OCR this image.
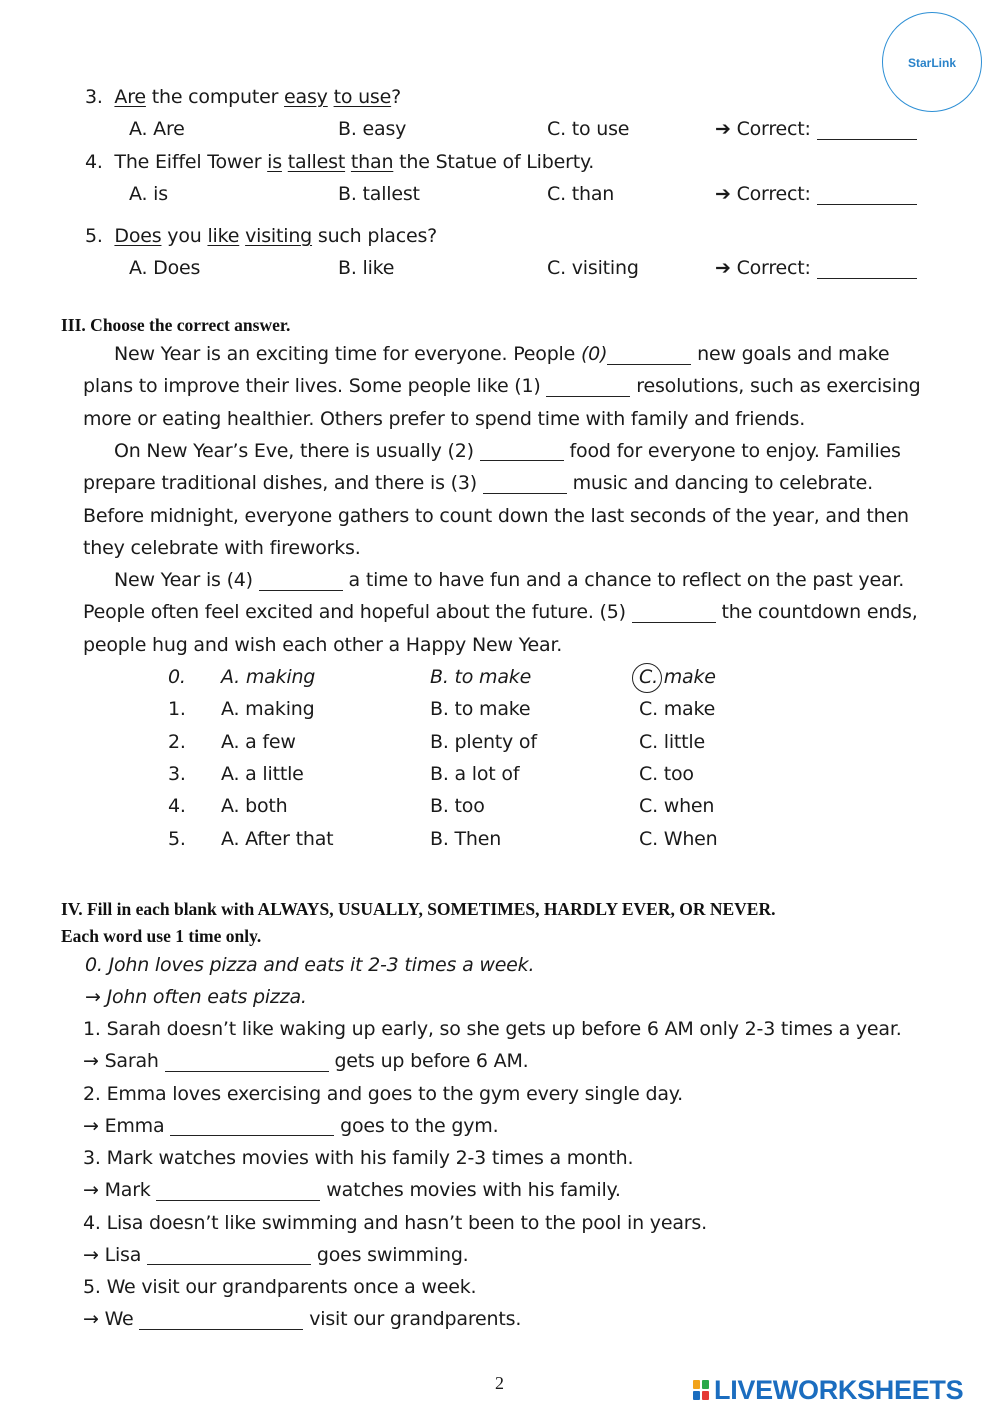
StarLink
3.  Are the computer easy to use?
A. Are	B. easy	C. to use	➔ Correct:
4.  The Eiffel Tower is tallest than the Statue of Liberty.
A. is	B. tallest	C. than	➔ Correct:
5.  Does you like visiting such places?
A. Does	B. like	C. visiting	➔ Correct:
III. Choose the correct answer.
New Year is an exciting time for everyone. People (0)	new goals and make
plans to improve their lives. Some people like (1)	resolutions, such as exercising
more or eating healthier. Others prefer to spend time with family and friends.
On New Year’s Eve, there is usually (2)	food for everyone to enjoy. Families
prepare traditional dishes, and there is (3)	music and dancing to celebrate.
Before midnight, everyone gathers to count down the last seconds of the year, and then
they celebrate with fireworks.
New Year is (4)	a time to have fun and a chance to reflect on the past year.
People often feel excited and hopeful about the future. (5)	the countdown ends,
people hug and wish each other a Happy New Year.
0. A. making	B. to make	C. make
1. A. making	B. to make	C. make
2. A. a few	B. plenty of	C. little
3. A. a little	B. a lot of	C. too
4. A. both	B. too	C. when
5. A. After that	B. Then	C. When
IV. Fill in each blank with ALWAYS, USUALLY, SOMETIMES, HARDLY EVER, OR NEVER.
Each word use 1 time only.
0. John loves pizza and eats it 2-3 times a week.
→ John often eats pizza.
1. Sarah doesn’t like waking up early, so she gets up before 6 AM only 2-3 times a year.
→ Sarah	gets up before 6 AM.
2. Emma loves exercising and goes to the gym every single day.
→ Emma	goes to the gym.
3. Mark watches movies with his family 2-3 times a month.
→ Mark	watches movies with his family.
4. Lisa doesn’t like swimming and hasn’t been to the pool in years.
→ Lisa	goes swimming.
5. We visit our grandparents once a week.
→ We	visit our grandparents.
2	LIVEWORKSHEETS
